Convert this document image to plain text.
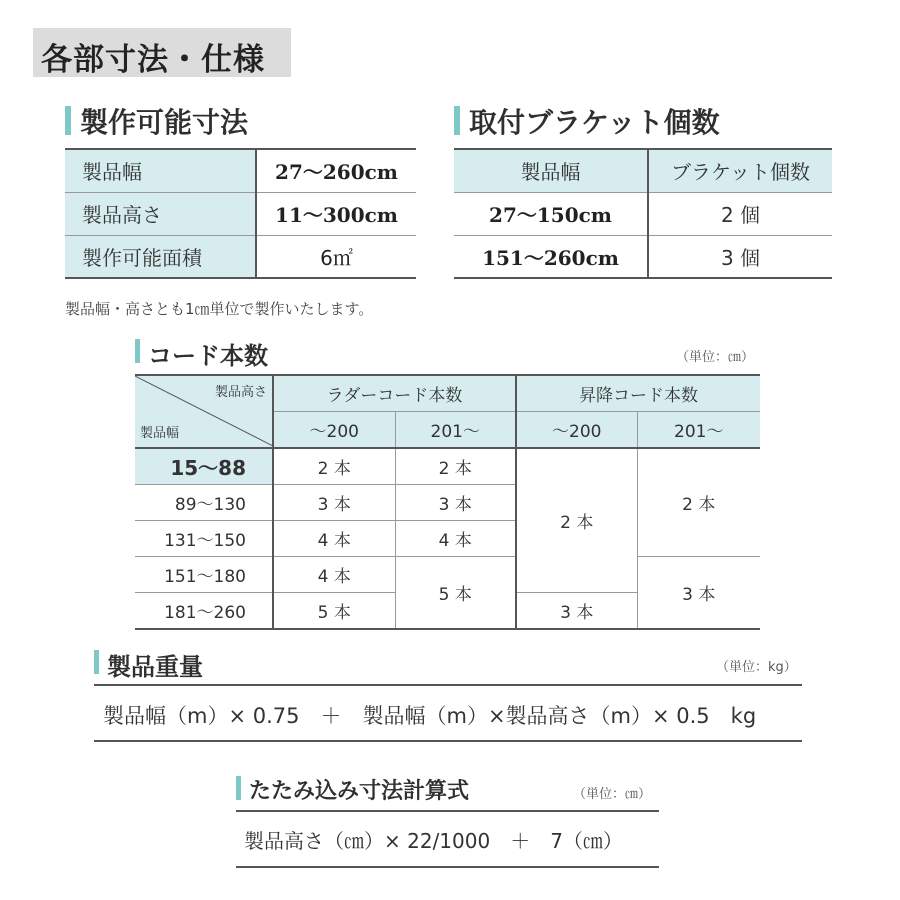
各部寸法・仕様
製作可能寸法
製品幅	27～260cm
製品高さ	11～300cm
製作可能面積	6㎡
取付ブラケット個数
製品幅	ブラケット個数
27～150cm	2 個
151～260cm	3 個
製品幅・高さとも1㎝単位で製作いたします。
コード本数	（単位：㎝）
製品高さ
製品幅	ラダーコード本数		昇降コード本数	
	～200	201～	～200	201～
15～88	2 本	2 本	2 本	2 本
89～130	3 本	3 本		
131～150	4 本	4 本		
151～180	4 本	5 本		3 本
181～260	5 本		3 本	
製品重量	（単位：kg）
製品幅（m）× 0.75　＋　製品幅（m）×製品高さ（m）× 0.5　kg
たたみ込み寸法計算式	（単位：㎝）
製品高さ（㎝）× 22/1000　＋　7（㎝）
